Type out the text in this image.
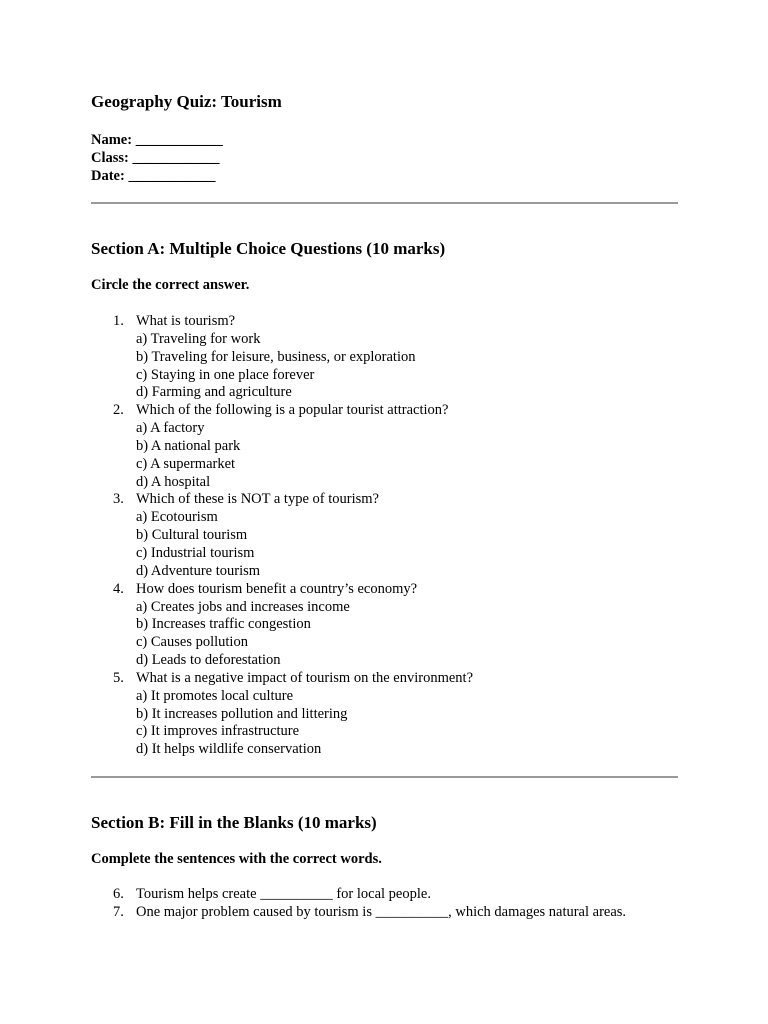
Geography Quiz: Tourism
Name: ____________
Class: ____________
Date: ____________
Section A: Multiple Choice Questions (10 marks)
Circle the correct answer.
1. What is tourism?
a) Traveling for work
b) Traveling for leisure, business, or exploration
c) Staying in one place forever
d) Farming and agriculture
2. Which of the following is a popular tourist attraction?
a) A factory
b) A national park
c) A supermarket
d) A hospital
3. Which of these is NOT a type of tourism?
a) Ecotourism
b) Cultural tourism
c) Industrial tourism
d) Adventure tourism
4. How does tourism benefit a country’s economy?
a) Creates jobs and increases income
b) Increases traffic congestion
c) Causes pollution
d) Leads to deforestation
5. What is a negative impact of tourism on the environment?
a) It promotes local culture
b) It increases pollution and littering
c) It improves infrastructure
d) It helps wildlife conservation
Section B: Fill in the Blanks (10 marks)
Complete the sentences with the correct words.
6. Tourism helps create __________ for local people.
7. One major problem caused by tourism is __________, which damages natural areas.
